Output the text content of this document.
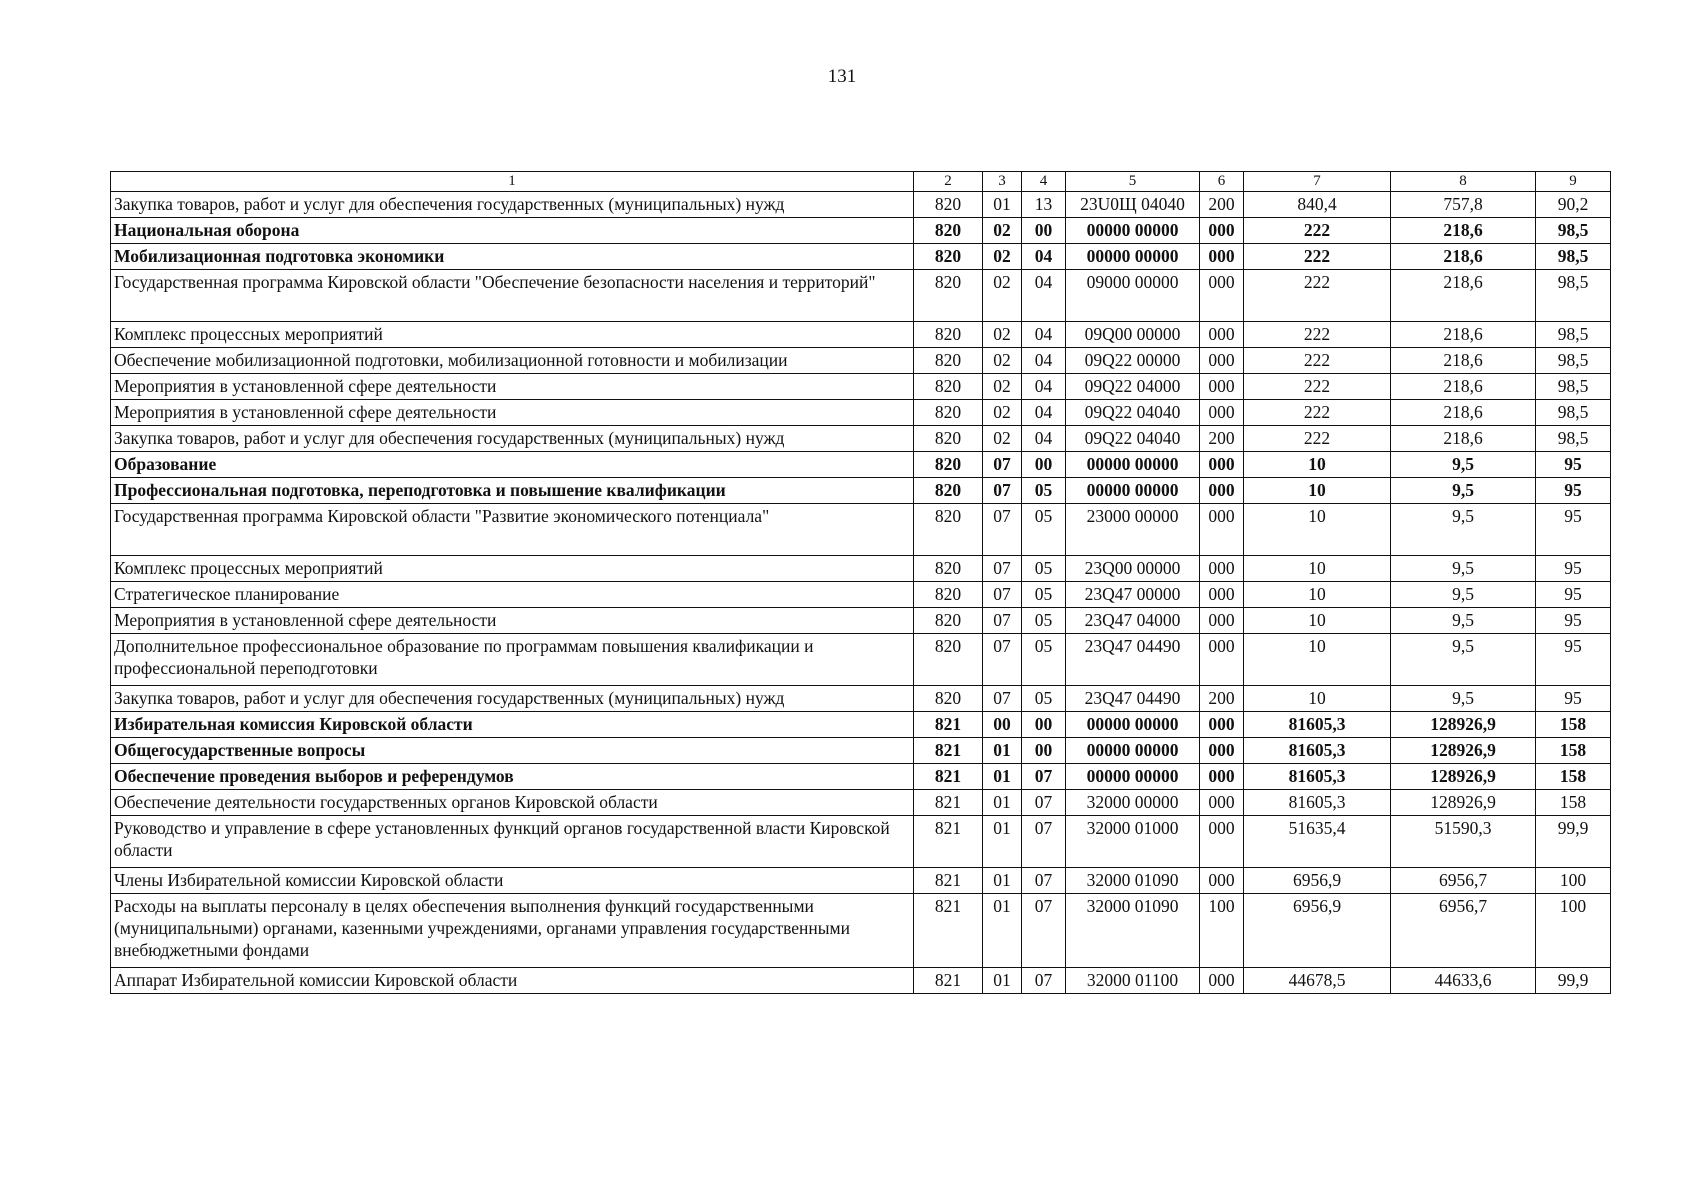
131
1	2	3	4	5	6	7	8	9
Закупка товаров, работ и услуг для обеспечения государственных (муниципальных) нужд	820	01	13	23U0Щ 04040	200	840,4	757,8	90,2
Национальная оборона	820	02	00	00000 00000	000	222	218,6	98,5
Мобилизационная подготовка экономики	820	02	04	00000 00000	000	222	218,6	98,5
Государственная программа Кировской области "Обеспечение безопасности населения и территорий"	820	02	04	09000 00000	000	222	218,6	98,5
Комплекс процессных мероприятий	820	02	04	09Q00 00000	000	222	218,6	98,5
Обеспечение мобилизационной подготовки, мобилизационной готовности и мобилизации	820	02	04	09Q22 00000	000	222	218,6	98,5
Мероприятия в установленной сфере деятельности	820	02	04	09Q22 04000	000	222	218,6	98,5
Мероприятия в установленной сфере деятельности	820	02	04	09Q22 04040	000	222	218,6	98,5
Закупка товаров, работ и услуг для обеспечения государственных (муниципальных) нужд	820	02	04	09Q22 04040	200	222	218,6	98,5
Образование	820	07	00	00000 00000	000	10	9,5	95
Профессиональная подготовка, переподготовка и повышение квалификации	820	07	05	00000 00000	000	10	9,5	95
Государственная программа Кировской области "Развитие экономического потенциала"	820	07	05	23000 00000	000	10	9,5	95
Комплекс процессных мероприятий	820	07	05	23Q00 00000	000	10	9,5	95
Стратегическое планирование	820	07	05	23Q47 00000	000	10	9,5	95
Мероприятия в установленной сфере деятельности	820	07	05	23Q47 04000	000	10	9,5	95
Дополнительное профессиональное образование по программам повышения квалификации и профессиональной переподготовки	820	07	05	23Q47 04490	000	10	9,5	95
Закупка товаров, работ и услуг для обеспечения государственных (муниципальных) нужд	820	07	05	23Q47 04490	200	10	9,5	95
Избирательная комиссия Кировской области	821	00	00	00000 00000	000	81605,3	128926,9	158
Общегосударственные вопросы	821	01	00	00000 00000	000	81605,3	128926,9	158
Обеспечение проведения выборов и референдумов	821	01	07	00000 00000	000	81605,3	128926,9	158
Обеспечение деятельности государственных органов Кировской области	821	01	07	32000 00000	000	81605,3	128926,9	158
Руководство и управление в сфере установленных функций органов государственной власти Кировской области	821	01	07	32000 01000	000	51635,4	51590,3	99,9
Члены Избирательной комиссии Кировской области	821	01	07	32000 01090	000	6956,9	6956,7	100
Расходы на выплаты персоналу в целях обеспечения выполнения функций государственными (муниципальными) органами, казенными учреждениями, органами управления государственными внебюджетными фондами	821	01	07	32000 01090	100	6956,9	6956,7	100
Аппарат Избирательной комиссии Кировской области	821	01	07	32000 01100	000	44678,5	44633,6	99,9
